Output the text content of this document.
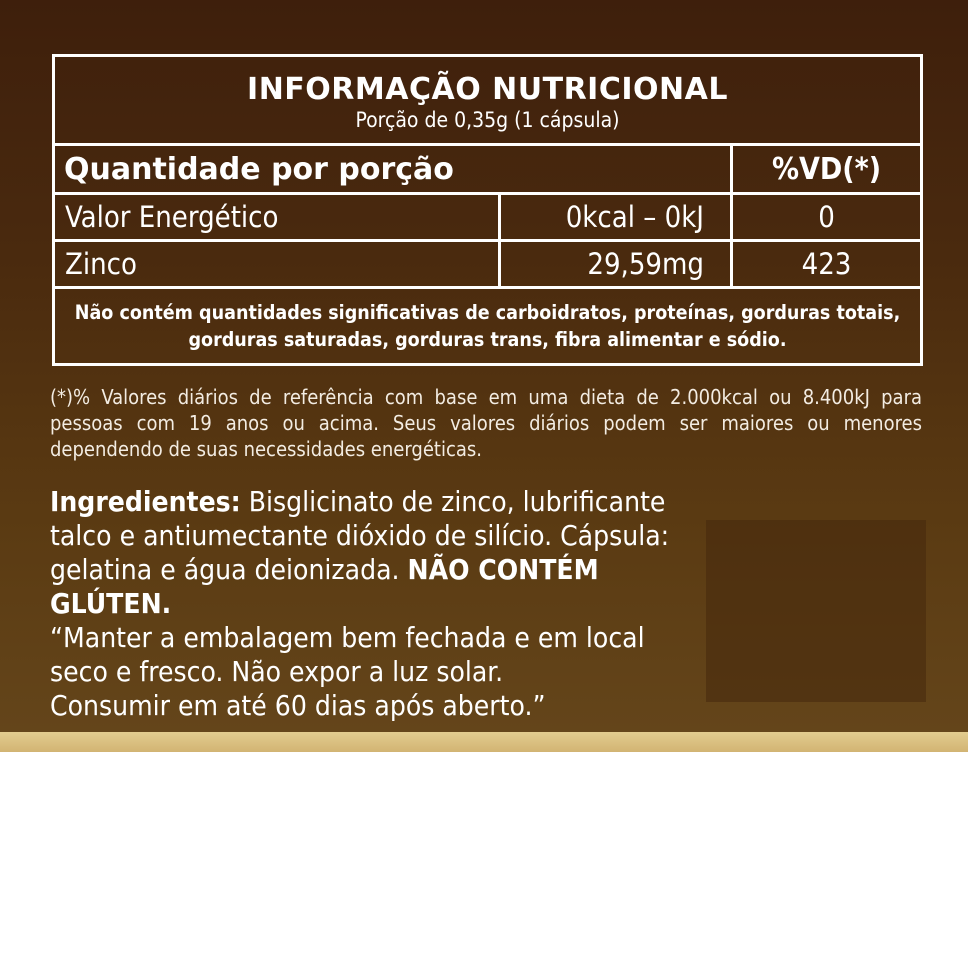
INFORMAÇÃO NUTRICIONAL
Porção de 0,35g (1 cápsula)		

Quantidade por porção		%VD(*)
Valor Energético	0kcal – 0kJ	0
Zinco	29,59mg	423
Não contém quantidades significativas de carboidratos, proteínas, gorduras totais, gorduras saturadas, gorduras trans, fibra alimentar e sódio.		
(*)% Valores diários de referência com base em uma dieta de 2.000kcal ou 8.400kJ para pessoas com 19 anos ou acima. Seus valores diários podem ser maiores ou menores dependendo de suas necessidades energéticas.
Ingredientes: Bisglicinato de zinco, lubrificante talco e antiumectante dióxido de silício. Cápsula: gelatina e água deionizada. NÃO CONTÉM GLÚTEN.
“Manter a embalagem bem fechada e em local
seco e fresco. Não expor a luz solar.
Consumir em até 60 dias após aberto.”
